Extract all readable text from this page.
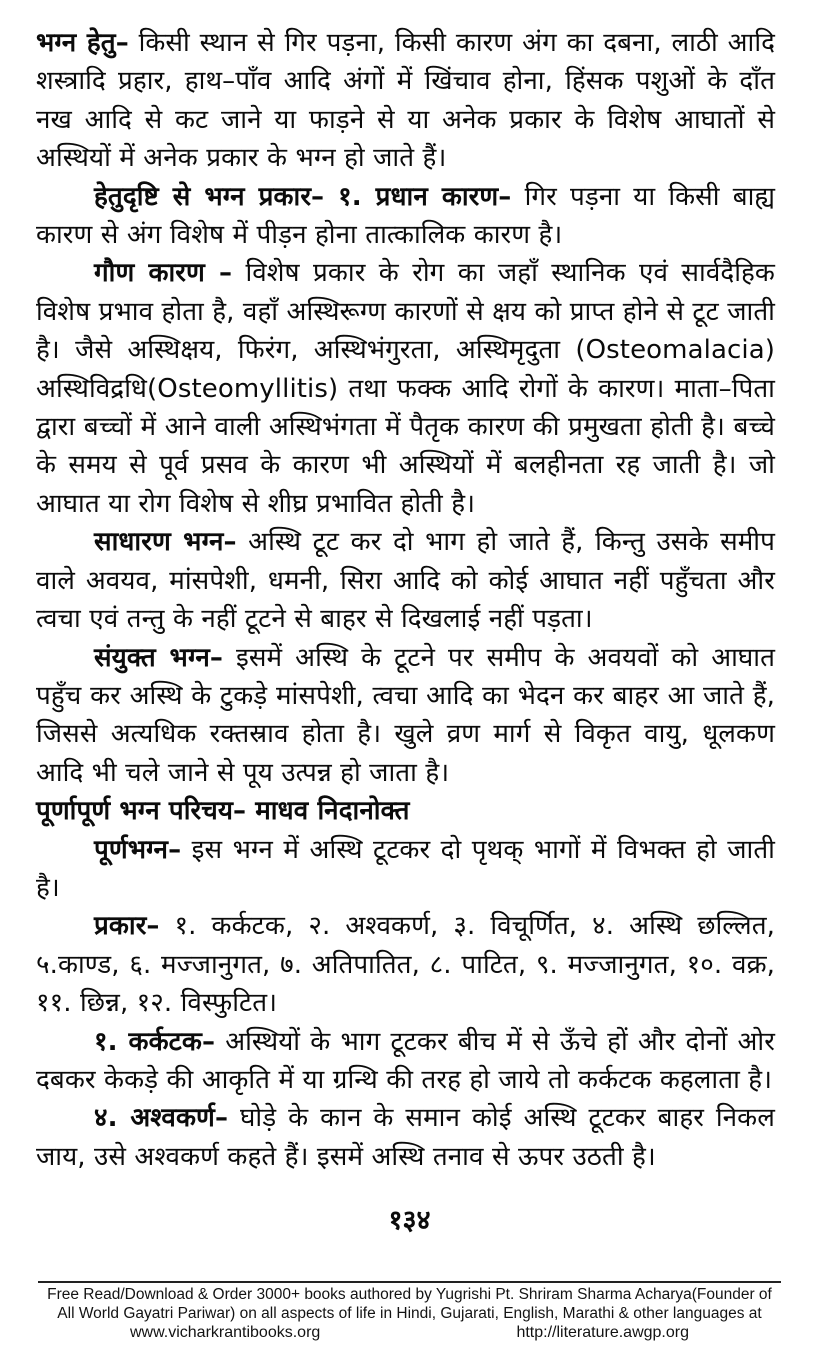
भग्न हेतु– किसी स्थान से गिर पड़ना, किसी कारण अंग का दबना, लाठी आदि शस्त्रादि प्रहार, हाथ–पाँव आदि अंगों में खिंचाव होना, हिंसक पशुओं के दाँत नख आदि से कट जाने या फाड़ने से या अनेक प्रकार के विशेष आघातों से अस्थियों में अनेक प्रकार के भग्न हो जाते हैं।

हेतुदृष्टि से भग्न प्रकार– १. प्रधान कारण– गिर पड़ना या किसी बाह्य कारण से अंग विशेष में पीड़न होना तात्कालिक कारण है।

गौण कारण – विशेष प्रकार के रोग का जहाँ स्थानिक एवं सार्वदैहिक विशेष प्रभाव होता है, वहाँ अस्थिरूग्ण कारणों से क्षय को प्राप्त होने से टूट जाती है। जैसे अस्थिक्षय, फिरंग, अस्थिभंगुरता, अस्थिमृदुता (Osteomalacia) अस्थिविद्रधि(Osteomyllitis) तथा फक्क आदि रोगों के कारण। माता–पिता द्वारा बच्चों में आने वाली अस्थिभंगता में पैतृक कारण की प्रमुखता होती है। बच्चे के समय से पूर्व प्रसव के कारण भी अस्थियों में बलहीनता रह जाती है। जो आघात या रोग विशेष से शीघ्र प्रभावित होती है।

साधारण भग्न– अस्थि टूट कर दो भाग हो जाते हैं, किन्तु उसके समीप वाले अवयव, मांसपेशी, धमनी, सिरा आदि को कोई आघात नहीं पहुँचता और त्वचा एवं तन्तु के नहीं टूटने से बाहर से दिखलाई नहीं पड़ता।

संयुक्त भग्न– इसमें अस्थि के टूटने पर समीप के अवयवों को आघात पहुँच कर अस्थि के टुकड़े मांसपेशी, त्वचा आदि का भेदन कर बाहर आ जाते हैं, जिससे अत्यधिक रक्तस्राव होता है। खुले व्रण मार्ग से विकृत वायु, धूलकण आदि भी चले जाने से पूय उत्पन्न हो जाता है।

पूर्णापूर्ण भग्न परिचय– माधव निदानोक्त

पूर्णभग्न– इस भग्न में अस्थि टूटकर दो पृथक् भागों में विभक्त हो जाती है।

प्रकार– १. कर्कटक, २. अश्वकर्ण, ३. विचूर्णित, ४. अस्थि छल्लित, ५.काण्ड, ६. मज्जानुगत, ७. अतिपातित, ८. पाटित, ९. मज्जानुगत, १०. वक्र, ११. छिन्न, १२. विस्फुटित।

१. कर्कटक– अस्थियों के भाग टूटकर बीच में से ऊँचे हों और दोनों ओर दबकर केकड़े की आकृति में या ग्रन्थि की तरह हो जाये तो कर्कटक कहलाता है।

४. अश्वकर्ण– घोड़े के कान के समान कोई अस्थि टूटकर बाहर निकल जाय, उसे अश्वकर्ण कहते हैं। इसमें अस्थि तनाव से ऊपर उठती है।

१३४
Free Read/Download & Order 3000+ books authored by Yugrishi Pt. Shriram Sharma Acharya(Founder of
All World Gayatri Pariwar) on all aspects of life in Hindi, Gujarati, English, Marathi & other languages at
www.vicharkrantibooks.org	http://literature.awgp.org
